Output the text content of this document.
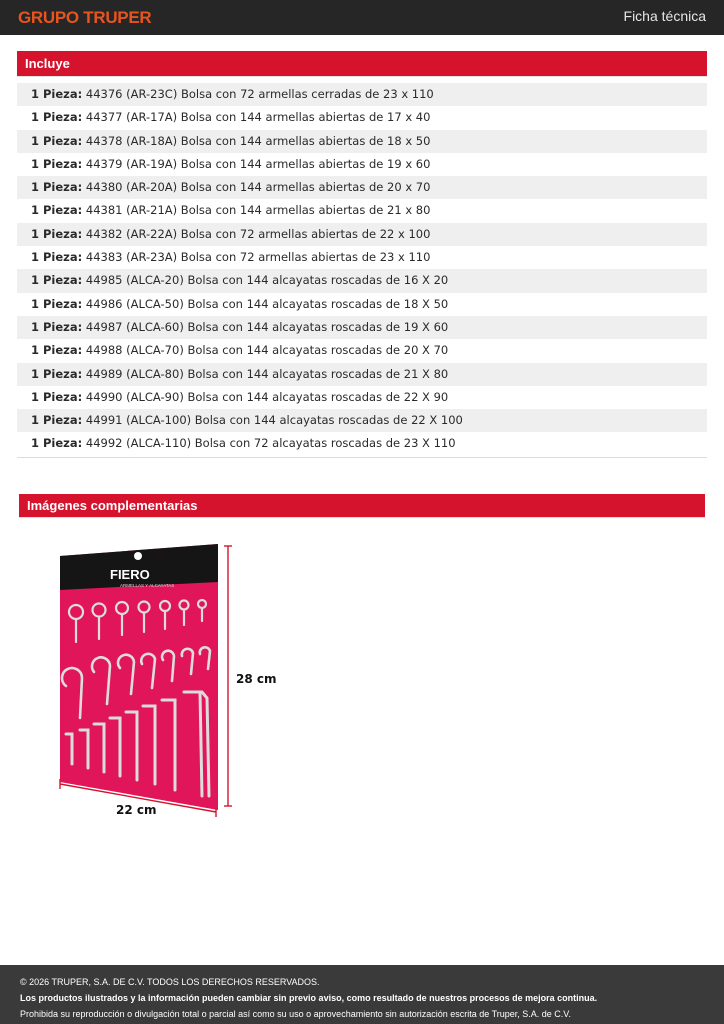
GRUPO TRUPER	Ficha técnica
Incluye
1 Pieza: 44376 (AR-23C) Bolsa con 72 armellas cerradas de 23 x 110
1 Pieza: 44377 (AR-17A) Bolsa con 144 armellas abiertas de 17 x 40
1 Pieza: 44378 (AR-18A) Bolsa con 144 armellas abiertas de 18 x 50
1 Pieza: 44379 (AR-19A) Bolsa con 144 armellas abiertas de 19 x 60
1 Pieza: 44380 (AR-20A) Bolsa con 144 armellas abiertas de 20 x 70
1 Pieza: 44381 (AR-21A) Bolsa con 144 armellas abiertas de 21 x 80
1 Pieza: 44382 (AR-22A) Bolsa con 72 armellas abiertas de 22 x 100
1 Pieza: 44383 (AR-23A) Bolsa con 72 armellas abiertas de 23 x 110
1 Pieza: 44985 (ALCA-20) Bolsa con 144 alcayatas roscadas de 16 X 20
1 Pieza: 44986 (ALCA-50) Bolsa con 144 alcayatas roscadas de 18 X 50
1 Pieza: 44987 (ALCA-60) Bolsa con 144 alcayatas roscadas de 19 X 60
1 Pieza: 44988 (ALCA-70) Bolsa con 144 alcayatas roscadas de 20 X 70
1 Pieza: 44989 (ALCA-80) Bolsa con 144 alcayatas roscadas de 21 X 80
1 Pieza: 44990 (ALCA-90) Bolsa con 144 alcayatas roscadas de 22 X 90
1 Pieza: 44991 (ALCA-100) Bolsa con 144 alcayatas roscadas de 22 X 100
1 Pieza: 44992 (ALCA-110) Bolsa con 72 alcayatas roscadas de 23 X 110
Imágenes complementarias
FIERO
ARMELLAS Y ALCAYATAS
28 cm
22 cm
© 2026 TRUPER, S.A. DE C.V. TODOS LOS DERECHOS RESERVADOS.
Los productos ilustrados y la información pueden cambiar sin previo aviso, como resultado de nuestros procesos de mejora continua.
Prohibida su reproducción o divulgación total o parcial así como su uso o aprovechamiento sin autorización escrita de Truper, S.A. de C.V.
